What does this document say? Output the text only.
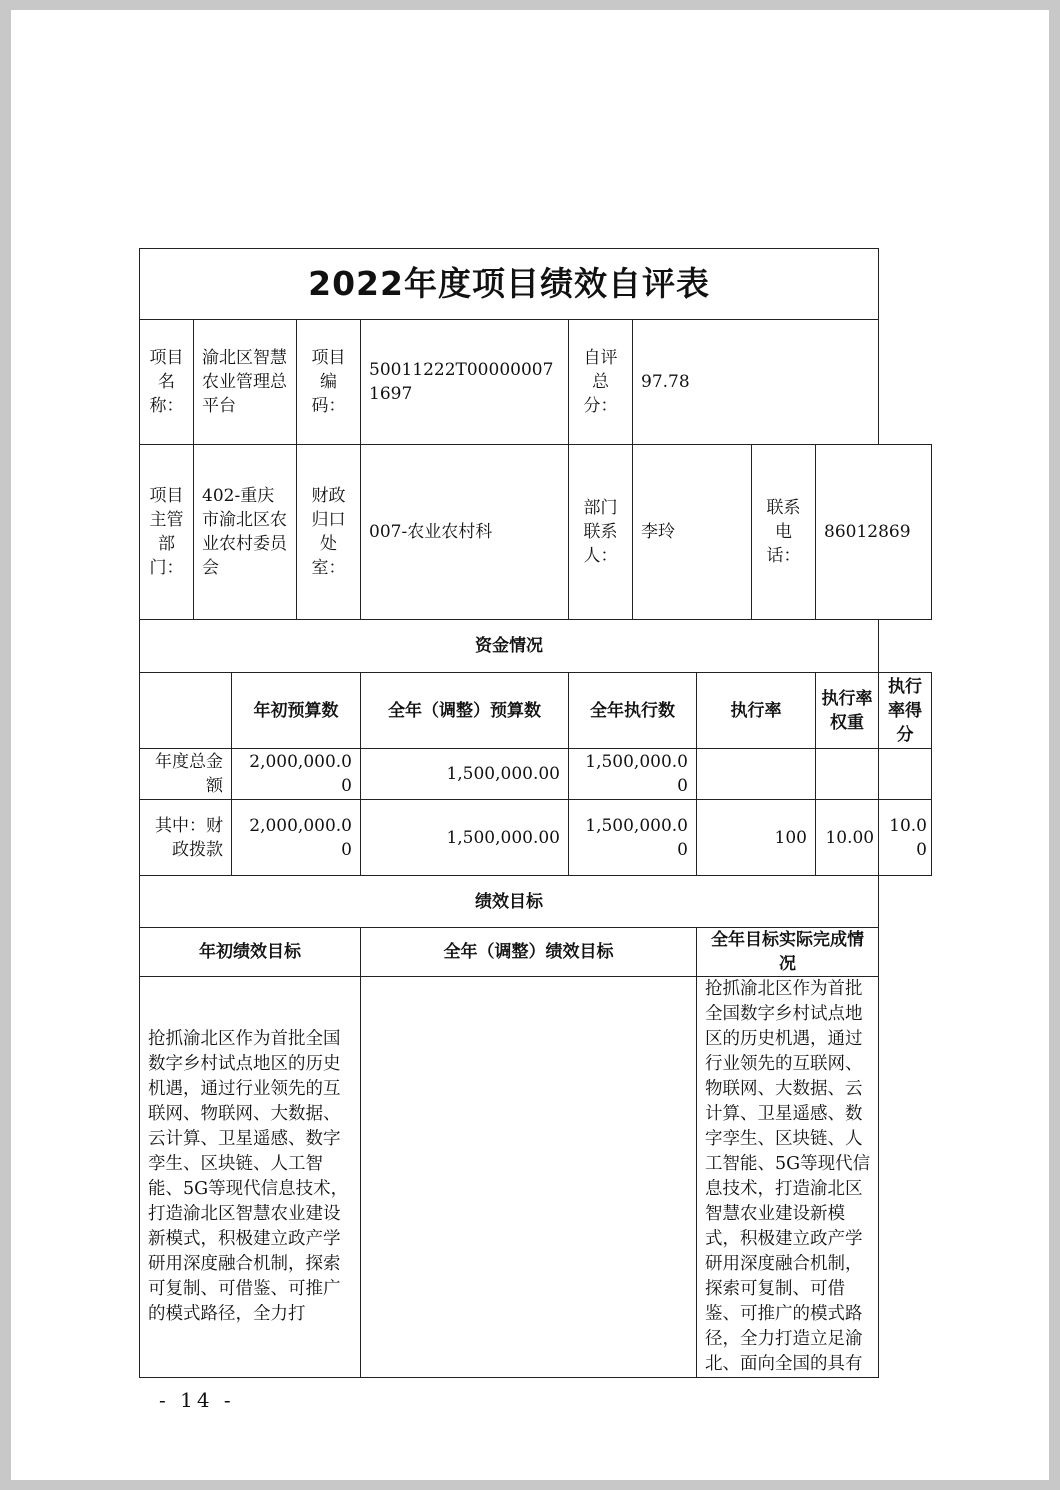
2022年度项目绩效自评表										
项目名称：	渝北区智慧农业管理总平台		项目编码：	50011222T000000071697	自评总分：	97.78				
项目主管部门：	402-重庆市渝北区农业农村委员会		财政归口处室：	007-农业农村科	部门联系人：	李玲		联系电话：	86012869	
资金情况										
		年初预算数		全年（调整）预算数	全年执行数		执行率		执行率权重	执行率得分
年度总金额		2,000,000.00		1,500,000.00	1,500,000.00					
其中：财政拨款		2,000,000.00		1,500,000.00	1,500,000.00		100		10.00	10.00
绩效目标										
年初绩效目标				全年（调整）绩效目标			全年目标实际完成情况			
抢抓渝北区作为首批全国数字乡村试点地区的历史机遇，通过行业领先的互联网、物联网、大数据、云计算、卫星遥感、数字孪生、区块链、人工智能、5G等现代信息技术，打造渝北区智慧农业建设新模式，积极建立政产学研用深度融合机制，探索可复制、可借鉴、可推广的模式路径，全力打							抢抓渝北区作为首批全国数字乡村试点地区的历史机遇，通过行业领先的互联网、物联网、大数据、云计算、卫星遥感、数字孪生、区块链、人工智能、5G等现代信息技术，打造渝北区智慧农业建设新模式，积极建立政产学研用深度融合机制，探索可复制、可借鉴、可推广的模式路径，全力打造立足渝北、面向全国的具有			
- 14 -
